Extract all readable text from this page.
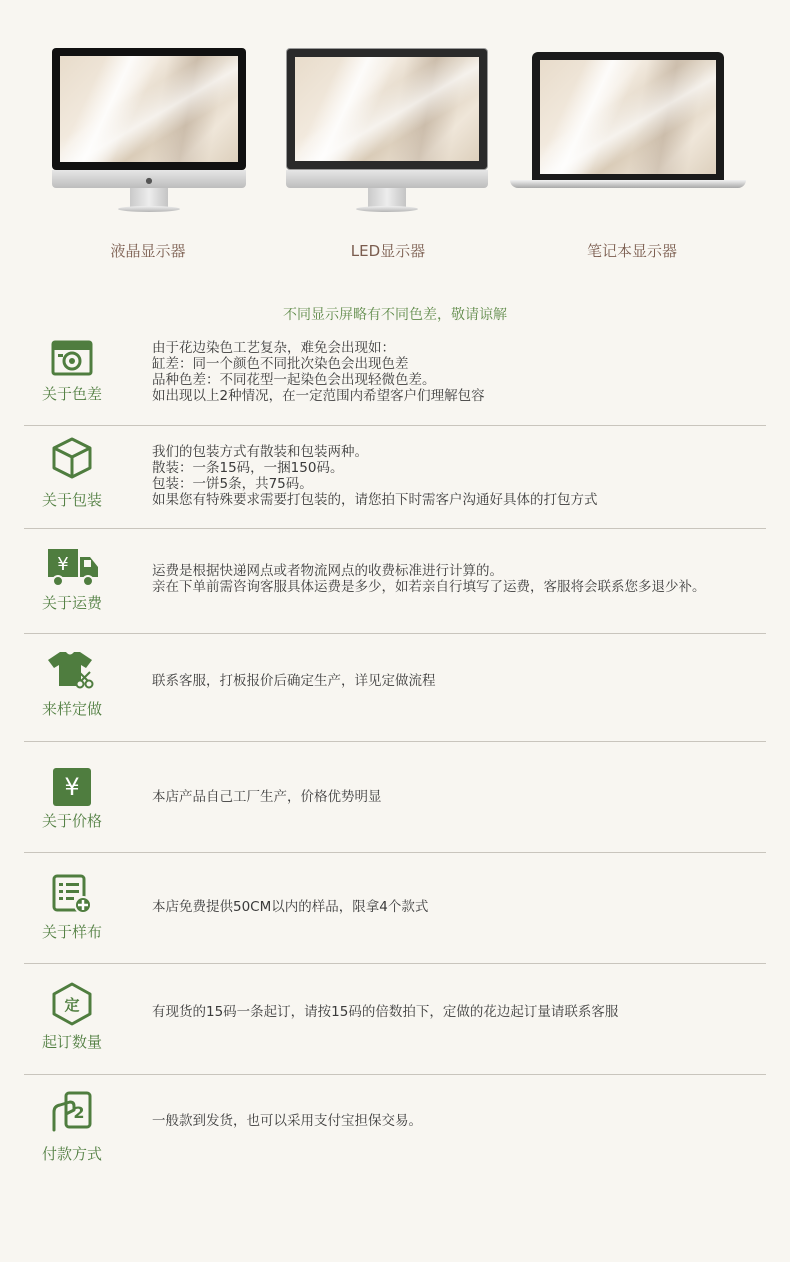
●
液晶显示器	LED显示器	笔记本显示器
不同显示屏略有不同色差，敬请谅解
关于色差
由于花边染色工艺复杂，难免会出现如：
缸差：同一个颜色不同批次染色会出现色差
品种色差：不同花型一起染色会出现轻微色差。
如出现以上2种情况，在一定范围内希望客户们理解包容
关于包装
我们的包装方式有散装和包装两种。
散装：一条15码，一捆150码。
包装：一饼5条，共75码。
如果您有特殊要求需要打包装的，请您拍下时需客户沟通好具体的打包方式
¥
关于运费
运费是根据快递网点或者物流网点的收费标准进行计算的。
亲在下单前需咨询客服具体运费是多少，如若亲自行填写了运费，客服将会联系您多退少补。
来样定做
联系客服，打板报价后确定生产，详见定做流程
¥
关于价格
本店产品自己工厂生产，价格优势明显
关于样布
本店免费提供50CM以内的样品，限拿4个款式
定
起订数量
有现货的15码一条起订，请按15码的倍数拍下，定做的花边起订量请联系客服
2
付款方式
一般款到发货，也可以采用支付宝担保交易。
